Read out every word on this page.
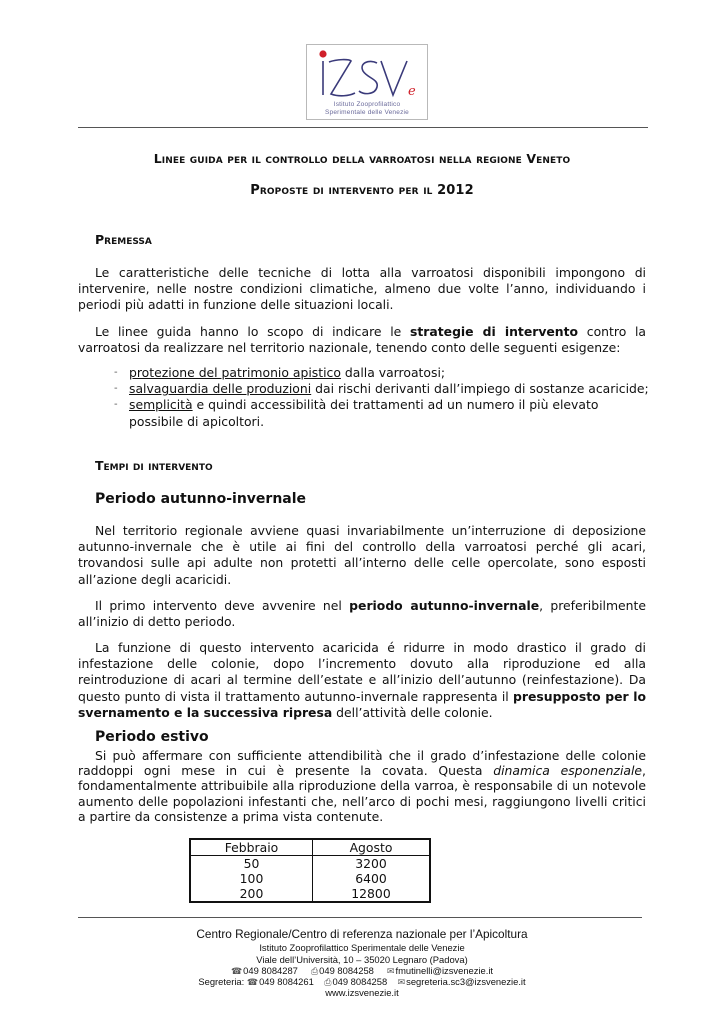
e
Istituto Zooprofilattico
Sperimentale delle Venezie
Linee guida per il controllo della varroatosi nella regione Veneto
Proposte di intervento per il 2012
Premessa
Le caratteristiche delle tecniche di lotta alla varroatosi disponibili impongono di intervenire, nelle nostre condizioni climatiche, almeno due volte l’anno, individuando i periodi più adatti in funzione delle situazioni locali.
Le linee guida hanno lo scopo di indicare le strategie di intervento contro la varroatosi da realizzare nel territorio nazionale, tenendo conto delle seguenti esigenze:
- protezione del patrimonio apistico dalla varroatosi;
- salvaguardia delle produzioni dai rischi derivanti dall’impiego di sostanze acaricide;
- semplicità e quindi accessibilità dei trattamenti ad un numero il più elevato possibile di apicoltori.
Tempi di intervento
Periodo autunno-invernale
Nel territorio regionale avviene quasi invariabilmente un’interruzione di deposizione autunno-invernale che è utile ai fini del controllo della varroatosi perché gli acari, trovandosi sulle api adulte non protetti all’interno delle celle opercolate, sono esposti all’azione degli acaricidi.
Il primo intervento deve avvenire nel periodo autunno-invernale, preferibilmente all’inizio di detto periodo.
La funzione di questo intervento acaricida é ridurre in modo drastico il grado di infestazione delle colonie, dopo l’incremento dovuto alla riproduzione ed alla reintroduzione di acari al termine dell’estate e all’inizio dell’autunno (reinfestazione). Da questo punto di vista il trattamento autunno-invernale rappresenta il presupposto per lo svernamento e la successiva ripresa dell’attività delle colonie.
Periodo estivo
Si può affermare con sufficiente attendibilità che il grado d’infestazione delle colonie raddoppi ogni mese in cui è presente la covata. Questa dinamica esponenziale, fondamentalmente attribuibile alla riproduzione della varroa, è responsabile di un notevole aumento delle popolazioni infestanti che, nell’arco di pochi mesi, raggiungono livelli critici a partire da consistenze a prima vista contenute.
Febbraio	Agosto
50	3200
100	6400
200	12800
Centro Regionale/Centro di referenza nazionale per l’Apicoltura
Istituto Zooprofilattico Sperimentale delle Venezie
Viale dell’Università, 10 – 35020 Legnaro (Padova)
☎049 8084287 ⎙049 8084258 ✉fmutinelli@izsvenezie.it
Segreteria: ☎049 8084261 ⎙049 8084258 ✉segreteria.sc3@izsvenezie.it
www.izsvenezie.it
